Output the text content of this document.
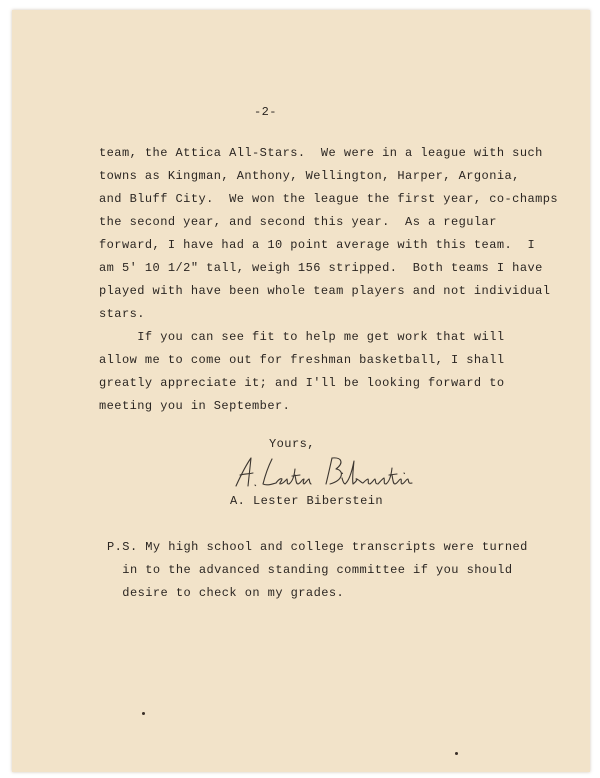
-2-

team, the Attica All-Stars.  We were in a league with such

towns as Kingman, Anthony, Wellington, Harper, Argonia,

and Bluff City.  We won the league the first year, co-champs

the second year, and second this year.  As a regular

forward, I have had a 10 point average with this team.  I

am 5' 10 1/2" tall, weigh 156 stripped.  Both teams I have

played with have been whole team players and not individual

stars.

If you can see fit to help me get work that will

allow me to come out for freshman basketball, I shall

greatly appreciate it; and I'll be looking forward to

meeting you in September.

Yours,

A. Lester Biberstein

P.S. My high school and college transcripts were turned

in to the advanced standing committee if you should

desire to check on my grades.
